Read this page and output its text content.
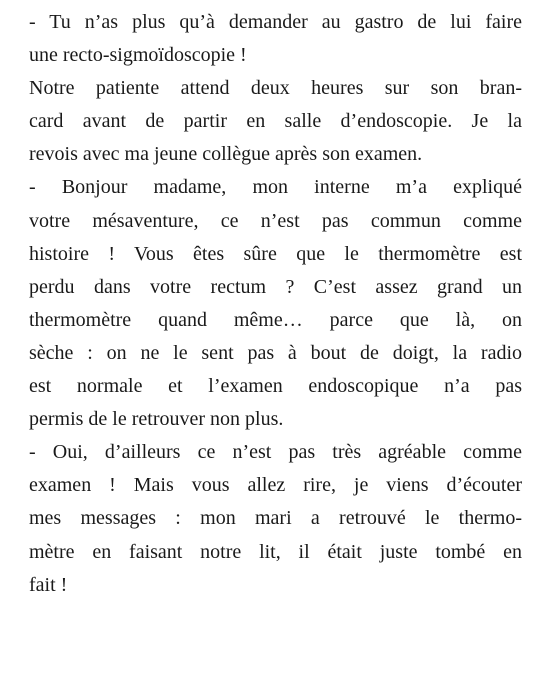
- Tu n’as plus qu’à demander au gastro de lui faire
une recto-sigmoïdoscopie !
Notre patiente attend deux heures sur son bran-
card avant de partir en salle d’endoscopie. Je la
revois avec ma jeune collègue après son examen.
- Bonjour madame, mon interne m’a expliqué
votre mésaventure, ce n’est pas commun comme
histoire ! Vous êtes sûre que le thermomètre est
perdu dans votre rectum ? C’est assez grand un
thermomètre quand même… parce que là, on
sèche : on ne le sent pas à bout de doigt, la radio
est normale et l’examen endoscopique n’a pas
permis de le retrouver non plus.
- Oui, d’ailleurs ce n’est pas très agréable comme
examen ! Mais vous allez rire, je viens d’écouter
mes messages : mon mari a retrouvé le thermo-
mètre en faisant notre lit, il était juste tombé en
fait !
